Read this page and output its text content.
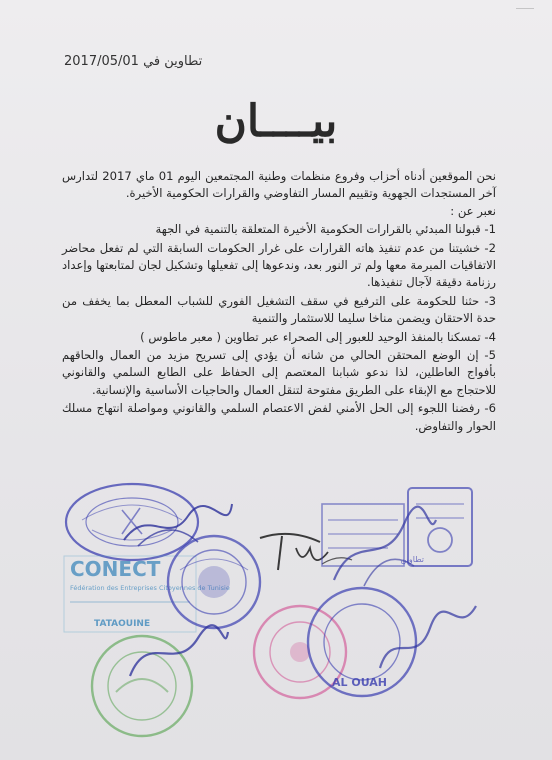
تطاوين في 2017/05/01
بيــــان

نحن الموقعين أدناه أحزاب وفروع منظمات وطنية المجتمعين اليوم 01 ماي 2017 لتدارس آخر المستجدات الجهوية وتقييم المسار التفاوضي والقرارات الحكومية الأخيرة.

نعبر عن :

1- قبولنا المبدئي بالقرارات الحكومية الأخيرة المتعلقة بالتنمية في الجهة

2- خشيتنا من عدم تنفيذ هاته القرارات على غرار الحكومات السابقة التي لم تفعل محاضر الاتفاقيات المبرمة معها ولم تر النور بعد، وندعوها إلى تفعيلها وتشكيل لجان لمتابعتها وإعداد رزنامة دقيقة لآجال تنفيذها.

3- حثنا للحكومة على الترفيع في سقف التشغيل الفوري للشباب المعطل بما يخفف من حدة الاحتقان ويضمن مناخا سليما للاستثمار والتنمية

4- تمسكنا بالمنفذ الوحيد للعبور إلى الصحراء عبر تطاوين ( معبر ماطوس )

5- إن الوضع المحتقن الحالي من شانه أن يؤدي إلى تسريح مزيد من العمال والحاقهم بأفواج العاطلين، لذا ندعو شبابنا المعتصم إلى الحفاظ على الطابع السلمي والقانوني للاحتجاج مع الإبقاء على الطريق مفتوحة لتنقل العمال والحاجيات الأساسية والإنسانية.

6- رفضنا اللجوء إلى الحل الأمني لفض الاعتصام السلمي والقانوني ومواصلة انتهاج مسلك الحوار والتفاوض.

CONECT
Fédération des Entreprises Citoyennes de Tunisie
TATAOUINE
تطاوين
AL OUAH
